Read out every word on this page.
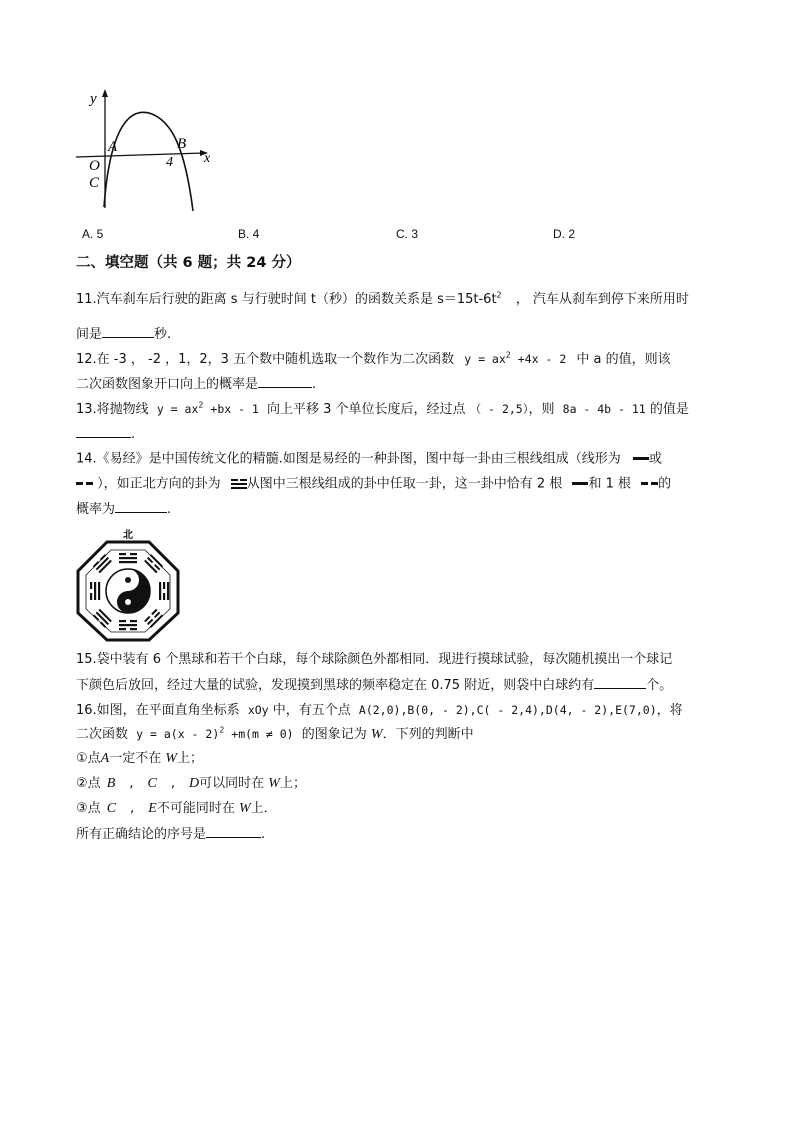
y
x
A	B
O	4
C
A. 5	B. 4	C. 3	D. 2
二、填空题（共 6 题；共 24 分）
11.汽车刹车后行驶的距离 s 与行驶时间 t（秒）的函数关系是 $s=15t-6t^2$ ， 汽车从刹车到停下来所用时
间是	秒.
12.在 -3 ， -2 ，1，2，3 五个数中随机选取一个数作为二次函数 $y = ax^2 +4x - 2$ 中 a 的值，则该
二次函数图象开口向上的概率是	.
13.将抛物线 $y = ax^2 +bx - 1$ 向上平移 3 个单位长度后，经过点 （ - 2,5），则 8a - 4b - 11 的值是
.
14.《易经》是中国传统文化的精髓.如图是易经的一种卦图，图中每一卦由三根线组成（线形为 或
），如正北方向的卦为 从图中三根线组成的卦中任取一卦，这一卦中恰有 2 根 和 1 根 的
概率为	.
北
15.袋中装有 6 个黑球和若干个白球，每个球除颜色外都相同．现进行摸球试验，每次随机摸出一个球记
下颜色后放回，经过大量的试验，发现摸到黑球的频率稳定在 0.75 附近，则袋中白球约有	个。
16.如图，在平面直角坐标系 xOy 中，有五个点 A(2,0),B(0, - 2),C( - 2,4),D(4, - 2),E(7,0)，将
二次函数 y = a(x - 2)$^2$ +m(m ≠ 0) 的图象记为 W．下列的判断中
①点A一定不在 W上；
②点 B , C , D可以同时在 W上；
③点 C , E不可能同时在 W上．
所有正确结论的序号是	.
